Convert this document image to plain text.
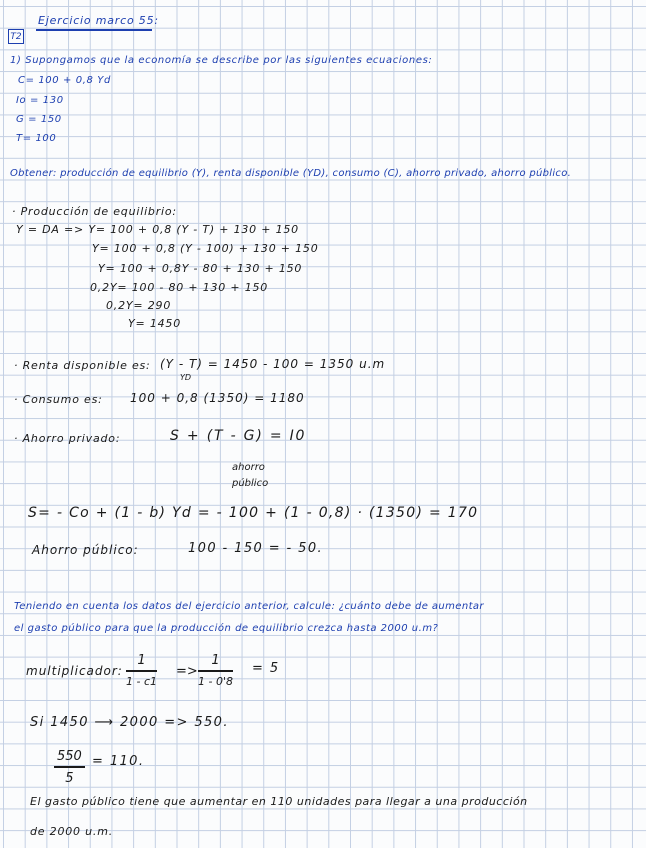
Ejercicio marco 55:
T2
1) Supongamos que la economía se describe por las siguientes ecuaciones:
C= 100 + 0,8 Yd
Io = 130
G = 150
T= 100
Obtener: producción de equilibrio (Y), renta disponible (YD), consumo (C), ahorro privado, ahorro público.
· Producción de equilibrio:
Y = DA => Y= 100 + 0,8 (Y - T) + 130 + 150
Y= 100 + 0,8 (Y - 100) + 130 + 150
Y= 100 + 0,8Y - 80 + 130 + 150
0,2Y= 100 - 80 + 130 + 150
0,2Y= 290
Y= 1450
· Renta disponible es: (Y - T) = 1450 - 100 = 1350 u.m
YD
· Consumo es: 100 + 0,8 (1350) = 1180
· Ahorro privado:	S + (T - G) = I0
ahorro
público
S= - Co + (1 - b) Yd = - 100 + (1 - 0,8) · (1350) = 170
Ahorro público:	100 - 150 = - 50.
Teniendo en cuenta los datos del ejercicio anterior, calcule: ¿cuánto debe de aumentar
el gasto público para que la producción de equilibrio crezca hasta 2000 u.m?
multiplicador:
1
1 - c1
=>
1
1 - 0'8
= 5
Si 1450 ⟶ 2000 => 550.
550
5
= 110.
El gasto público tiene que aumentar en 110 unidades para llegar a una producción
de 2000 u.m.
